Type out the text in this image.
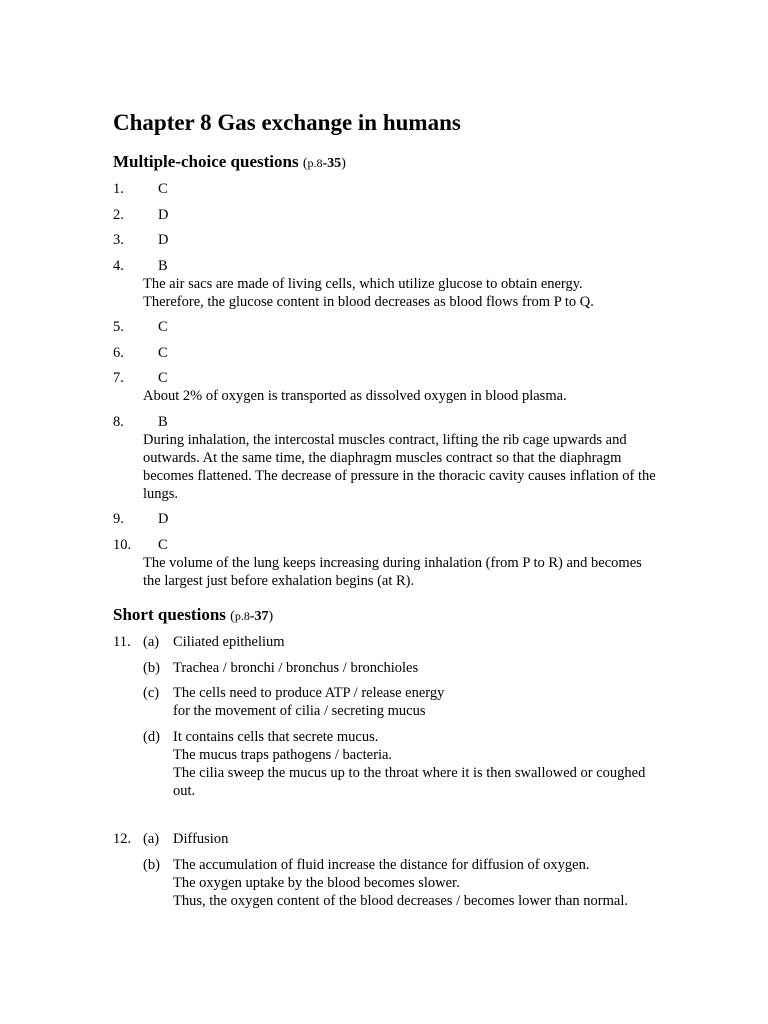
Chapter 8 Gas exchange in humans
Multiple-choice questions (p.8-35)
1. C
2. D
3. D
4. B
The air sacs are made of living cells, which utilize glucose to obtain energy.
Therefore, the glucose content in blood decreases as blood flows from P to Q.
5. C
6. C
7. C
About 2% of oxygen is transported as dissolved oxygen in blood plasma.
8. B
During inhalation, the intercostal muscles contract, lifting the rib cage upwards and outwards. At the same time, the diaphragm muscles contract so that the diaphragm becomes flattened. The decrease of pressure in the thoracic cavity causes inflation of the lungs.
9. D
10. C
The volume of the lung keeps increasing during inhalation (from P to R) and becomes the largest just before exhalation begins (at R).
Short questions (p.8-37)
11. (a) Ciliated epithelium
(b) Trachea / bronchi / bronchus / bronchioles
(c) The cells need to produce ATP / release energy
for the movement of cilia / secreting mucus
(d) It contains cells that secrete mucus.
The mucus traps pathogens / bacteria.
The cilia sweep the mucus up to the throat where it is then swallowed or coughed out.
12. (a) Diffusion
(b) The accumulation of fluid increase the distance for diffusion of oxygen.
The oxygen uptake by the blood becomes slower.
Thus, the oxygen content of the blood decreases / becomes lower than normal.
